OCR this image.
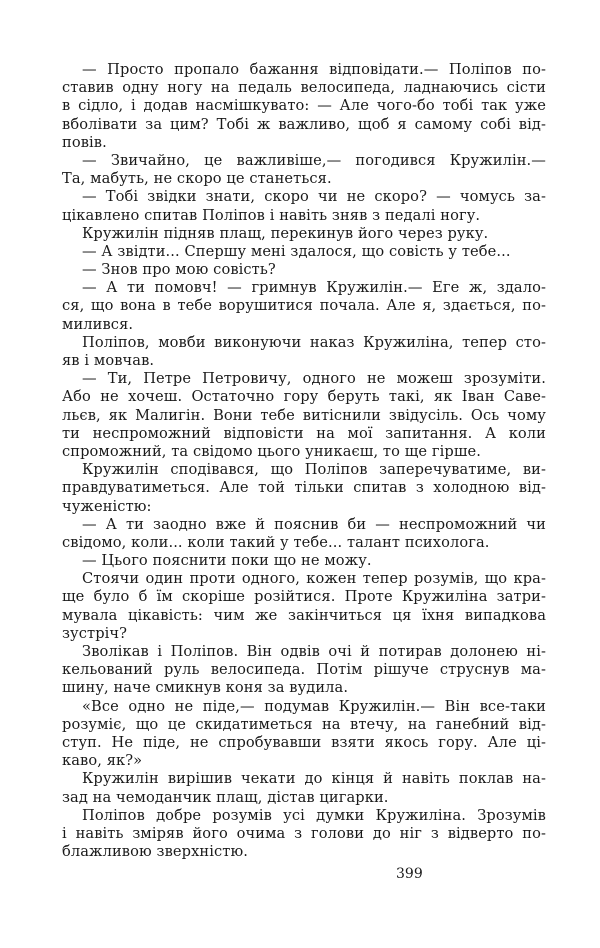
— Просто пропало бажання відповідати.— Поліпов по-
ставив одну ногу на педаль велосипеда, ладнаючись сісти
в сідло, і додав насмішкувато: — Але чого-бо тобі так уже
вболівати за цим? Тобі ж важливо, щоб я самому собі від-
повів.
— Звичайно, це важливіше,— погодився Кружилін.—
Та, мабуть, не скоро це станеться.
— Тобі звідки знати, скоро чи не скоро? — чомусь за-
цікавлено спитав Поліпов і навіть зняв з педалі ногу.
Кружилін підняв плащ, перекинув його через руку.
— А звідти... Спершу мені здалося, що совість у тебе...
— Знов про мою совість?
— А ти помовч! — гримнув Кружилін.— Еге ж, здало-
ся, що вона в тебе ворушитися почала. Але я, здається, по-
милився.
Поліпов, мовби виконуючи наказ Кружиліна, тепер сто-
яв і мовчав.
— Ти, Петре Петровичу, одного не можеш зрозуміти.
Або не хочеш. Остаточно гору беруть такі, як Іван Саве-
льєв, як Малигін. Вони тебе витіснили звідусіль. Ось чому
ти неспроможний відповісти на мої запитання. А коли
спроможний, та свідомо цього уникаєш, то ще гірше.
Кружилін сподівався, що Поліпов заперечуватиме, ви-
правдуватиметься. Але той тільки спитав з холодною від-
чуженістю:
— А ти заодно вже й пояснив би — неспроможний чи
свідомо, коли... коли такий у тебе... талант психолога.
— Цього пояснити поки що не можу.
Стоячи один проти одного, кожен тепер розумів, що кра-
ще було б їм скоріше розійтися. Проте Кружиліна затри-
мувала цікавість: чим же закінчиться ця їхня випадкова
зустріч?
Зволікав і Поліпов. Він одвів очі й потирав долонею ні-
кельований руль велосипеда. Потім рішуче струснув ма-
шину, наче смикнув коня за вудила.
«Все одно не піде,— подумав Кружилін.— Він все-таки
розуміє, що це скидатиметься на втечу, на ганебний від-
ступ. Не піде, не спробувавши взяти якось гору. Але ці-
каво, як?»
Кружилін вирішив чекати до кінця й навіть поклав на-
зад на чемоданчик плащ, дістав цигарки.
Поліпов добре розумів усі думки Кружиліна. Зрозумів
і навіть зміряв його очима з голови до ніг з відверто по-
блажливою зверхністю.
399
